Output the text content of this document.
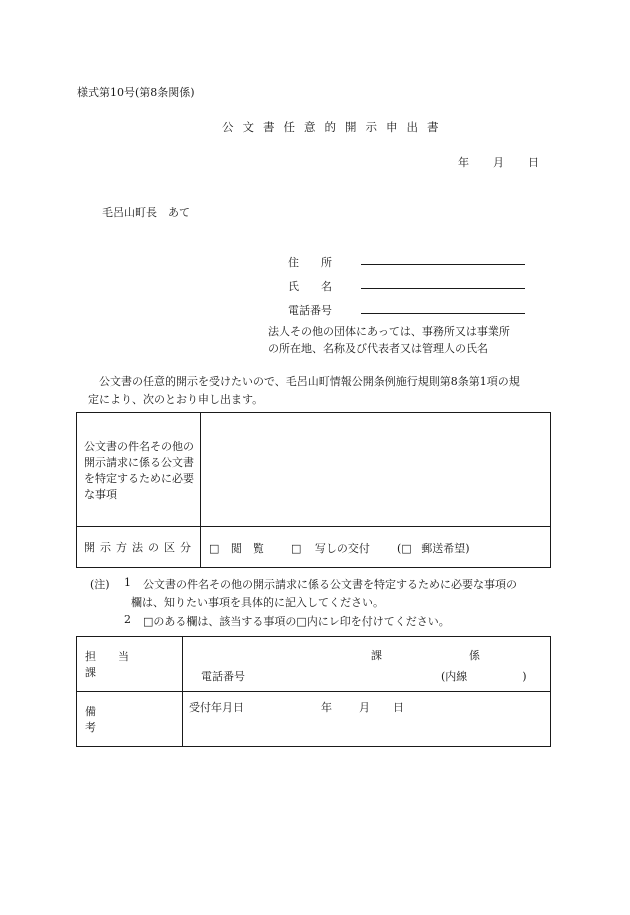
様式第10号(第8条関係)
公文書任意的開示申出書
年 月 日
毛呂山町長　あて
住　　所
氏　　名
電話番号
法人その他の団体にあっては、事務所又は事業所
の所在地、名称及び代表者又は管理人の氏名
公文書の任意的開示を受けたいので、毛呂山町情報公開条例施行規則第8条第1項の規
定により、次のとおり申し出ます。
公文書の件名その他の開示請求に係る公文書を特定するために必要な事項	

開示方法の区分	□ 閲　覧 □ 写しの交付 (□ 郵送希望)
(注) 1 公文書の件名その他の開示請求に係る公文書を特定するために必要な事項の
欄は、知りたい事項を具体的に記入してください。
2 □のある欄は、該当する事項の□内にレ印を付けてください。
担当課	課 係
電話番号 (内線　　　　　)

備考	受付年月日 年 月 日
